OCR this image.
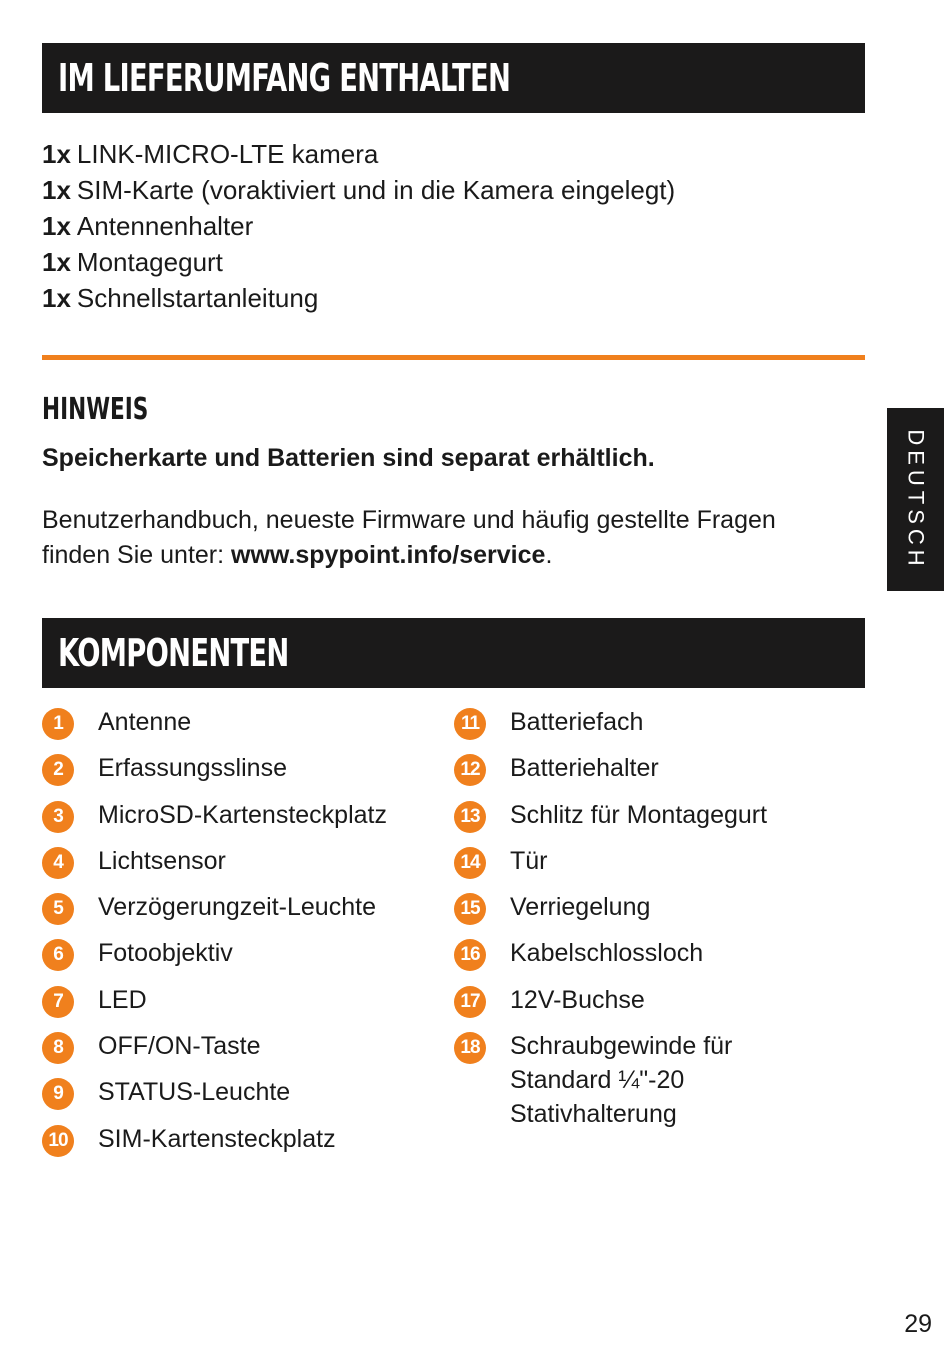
IM LIEFERUMFANG ENTHALTEN
1x LINK-MICRO-LTE kamera
1x SIM-Karte (voraktiviert und in die Kamera eingelegt)
1x Antennenhalter
1x Montagegurt
1x Schnellstartanleitung
HINWEIS
Speicherkarte und Batterien sind separat erhältlich.
Benutzerhandbuch, neueste Firmware und häufig gestellte Fragen finden Sie unter: www.spypoint.info/service.	DEUTSCH
KOMPONENTEN
1	Antenne
2	Erfassungsslinse
3	MicroSD-Kartensteckplatz
4	Lichtsensor
5	Verzögerungzeit-Leuchte
6	Fotoobjektiv
7	LED
8	OFF/ON-Taste
9	STATUS-Leuchte
10 SIM-Kartensteckplatz
11 Batteriefach
12 Batteriehalter
13 Schlitz für Montagegurt
14 Tür
15 Verriegelung
16 Kabelschlossloch
17 12V-Buchse
18 Schraubgewinde für Standard ¼"-20 Stativhalterung
29
